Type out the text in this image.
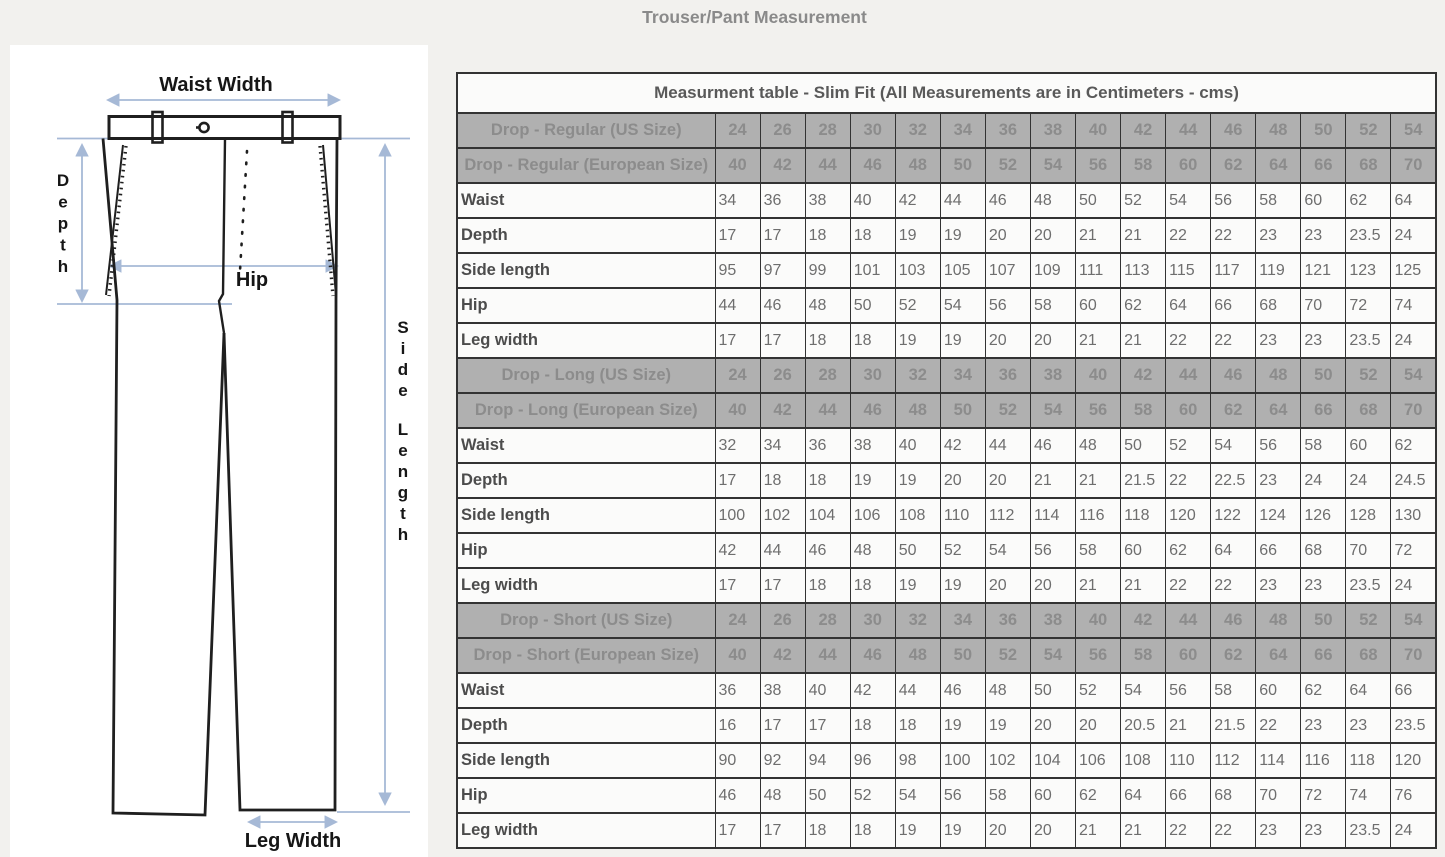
Trouser/Pant Measurement
Waist Width
Hip
Leg Width
D
e
p
t
h
S
i
d
e
L
e
n
g
t
h
Measurment table - Slim Fit (All Measurements are in Centimeters - cms)																
Drop - Regular (US Size)	24	26	28	30	32	34	36	38	40	42	44	46	48	50	52	54
Drop - Regular (European Size)	40	42	44	46	48	50	52	54	56	58	60	62	64	66	68	70
Waist	34	36	38	40	42	44	46	48	50	52	54	56	58	60	62	64
Depth	17	17	18	18	19	19	20	20	21	21	22	22	23	23	23.5	24
Side length	95	97	99	101	103	105	107	109	111	113	115	117	119	121	123	125
Hip	44	46	48	50	52	54	56	58	60	62	64	66	68	70	72	74
Leg width	17	17	18	18	19	19	20	20	21	21	22	22	23	23	23.5	24
Drop - Long (US Size)	24	26	28	30	32	34	36	38	40	42	44	46	48	50	52	54
Drop - Long (European Size)	40	42	44	46	48	50	52	54	56	58	60	62	64	66	68	70
Waist	32	34	36	38	40	42	44	46	48	50	52	54	56	58	60	62
Depth	17	18	18	19	19	20	20	21	21	21.5	22	22.5	23	24	24	24.5
Side length	100	102	104	106	108	110	112	114	116	118	120	122	124	126	128	130
Hip	42	44	46	48	50	52	54	56	58	60	62	64	66	68	70	72
Leg width	17	17	18	18	19	19	20	20	21	21	22	22	23	23	23.5	24
Drop - Short (US Size)	24	26	28	30	32	34	36	38	40	42	44	46	48	50	52	54
Drop - Short (European Size)	40	42	44	46	48	50	52	54	56	58	60	62	64	66	68	70
Waist	36	38	40	42	44	46	48	50	52	54	56	58	60	62	64	66
Depth	16	17	17	18	18	19	19	20	20	20.5	21	21.5	22	23	23	23.5
Side length	90	92	94	96	98	100	102	104	106	108	110	112	114	116	118	120
Hip	46	48	50	52	54	56	58	60	62	64	66	68	70	72	74	76
Leg width	17	17	18	18	19	19	20	20	21	21	22	22	23	23	23.5	24
